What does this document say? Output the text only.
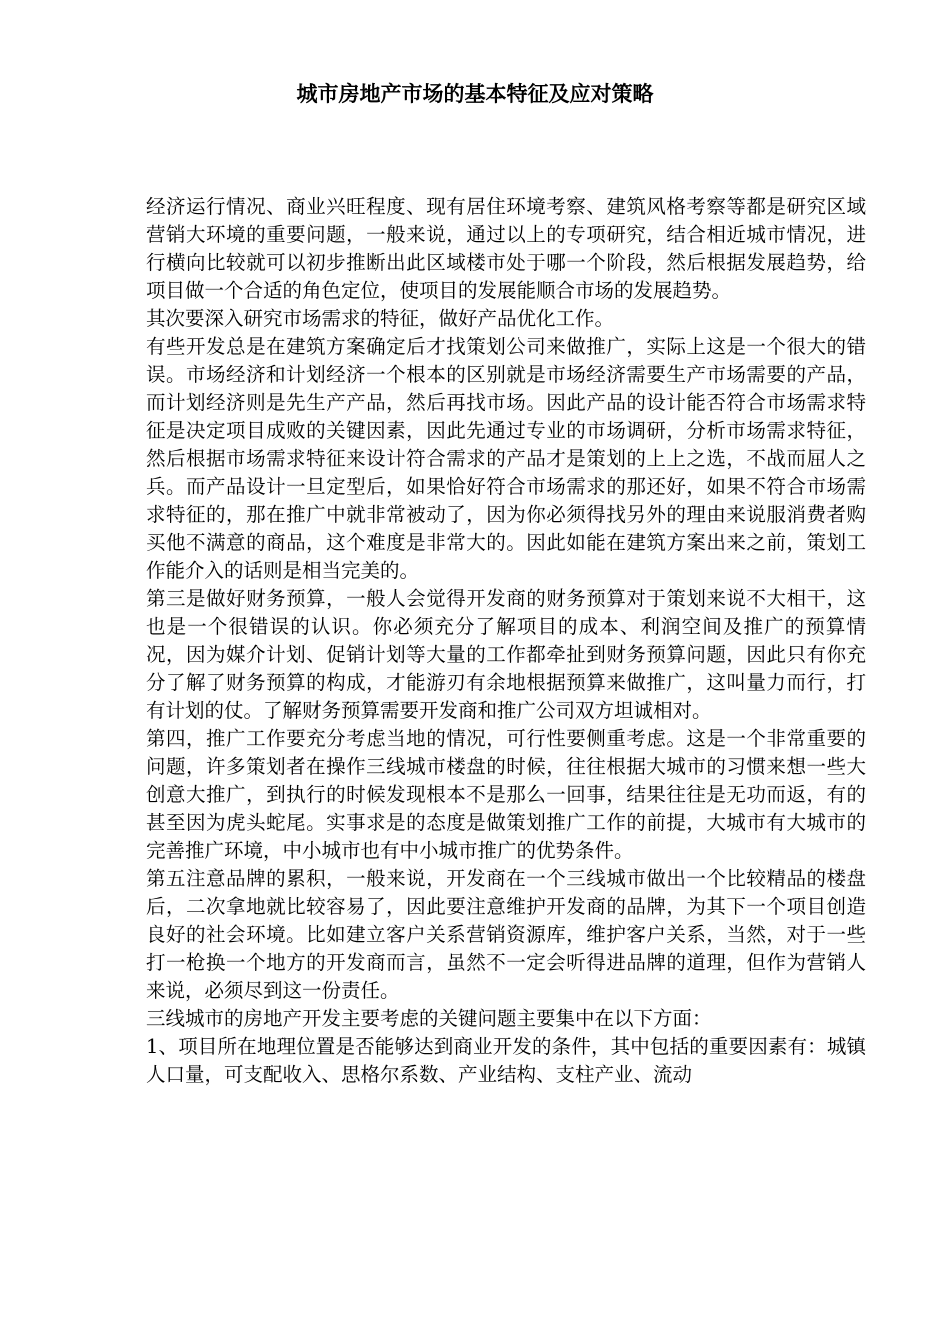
城市房地产市场的基本特征及应对策略

经济运行情况、商业兴旺程度、现有居住环境考察、建筑风格考察等都是研究区域营销大环境的重要问题，一般来说，通过以上的专项研究，结合相近城市情况，进行横向比较就可以初步推断出此区域楼市处于哪一个阶段，然后根据发展趋势，给项目做一个合适的角色定位，使项目的发展能顺合市场的发展趋势。

其次要深入研究市场需求的特征，做好产品优化工作。

有些开发总是在建筑方案确定后才找策划公司来做推广，实际上这是一个很大的错误。市场经济和计划经济一个根本的区别就是市场经济需要生产市场需要的产品，而计划经济则是先生产产品，然后再找市场。因此产品的设计能否符合市场需求特征是决定项目成败的关键因素，因此先通过专业的市场调研，分析市场需求特征，然后根据市场需求特征来设计符合需求的产品才是策划的上上之选，不战而屈人之兵。而产品设计一旦定型后，如果恰好符合市场需求的那还好，如果不符合市场需求特征的，那在推广中就非常被动了，因为你必须得找另外的理由来说服消费者购买他不满意的商品，这个难度是非常大的。因此如能在建筑方案出来之前，策划工作能介入的话则是相当完美的。

第三是做好财务预算，一般人会觉得开发商的财务预算对于策划来说不大相干，这也是一个很错误的认识。你必须充分了解项目的成本、利润空间及推广的预算情况，因为媒介计划、促销计划等大量的工作都牵扯到财务预算问题，因此只有你充分了解了财务预算的构成，才能游刃有余地根据预算来做推广，这叫量力而行，打有计划的仗。了解财务预算需要开发商和推广公司双方坦诚相对。

第四，推广工作要充分考虑当地的情况，可行性要侧重考虑。这是一个非常重要的问题，许多策划者在操作三线城市楼盘的时候，往往根据大城市的习惯来想一些大创意大推广，到执行的时候发现根本不是那么一回事，结果往往是无功而返，有的甚至因为虎头蛇尾。实事求是的态度是做策划推广工作的前提，大城市有大城市的完善推广环境，中小城市也有中小城市推广的优势条件。

第五注意品牌的累积，一般来说，开发商在一个三线城市做出一个比较精品的楼盘后，二次拿地就比较容易了，因此要注意维护开发商的品牌，为其下一个项目创造良好的社会环境。比如建立客户关系营销资源库，维护客户关系，当然，对于一些打一枪换一个地方的开发商而言，虽然不一定会听得进品牌的道理，但作为营销人来说，必须尽到这一份责任。

三线城市的房地产开发主要考虑的关键问题主要集中在以下方面：

1、项目所在地理位置是否能够达到商业开发的条件，其中包括的重要因素有：城镇人口量，可支配收入、思格尔系数、产业结构、支柱产业、流动
